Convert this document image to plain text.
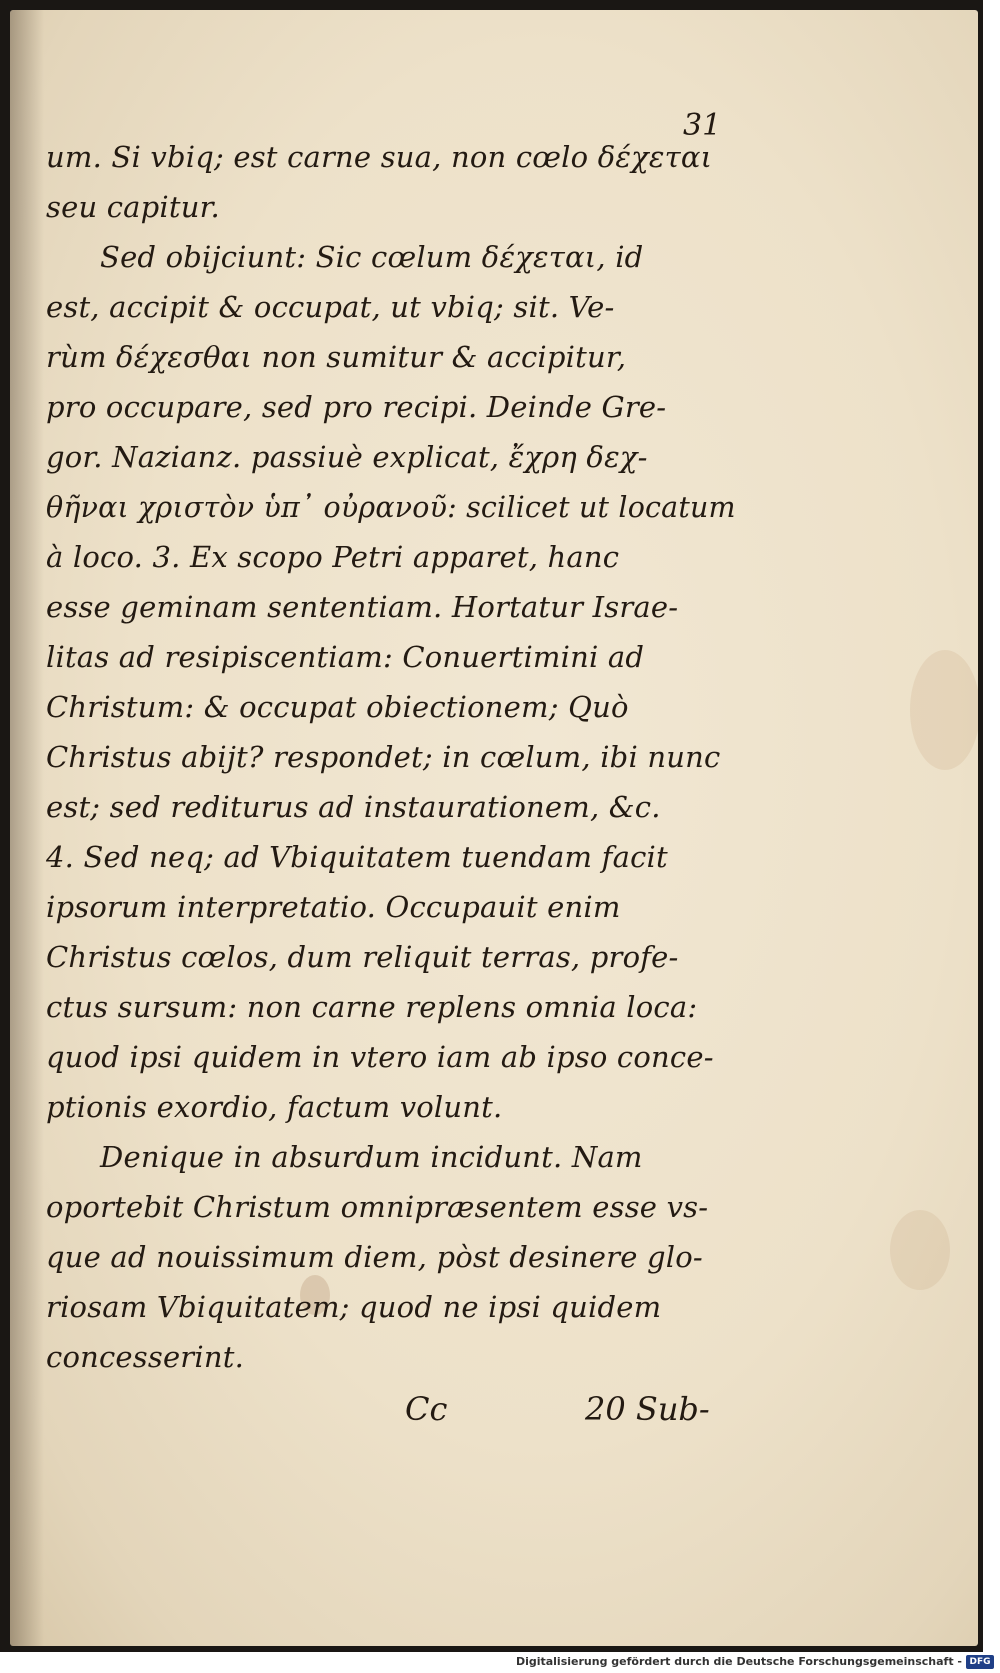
31
um. Si vbiq; est carne sua, non cœlo δέχεται
seu capitur.
Sed obijciunt: Sic cœlum δέχεται, id
est, accipit & occupat, ut vbiq; sit. Ve-
rùm δέχεσθαι non sumitur & accipitur,
pro occupare, sed pro recipi. Deinde Gre-
gor. Nazianz. passiuè explicat, ἔχρη δεχ-
θῆναι χριστὸν ὑπ᾽ οὐρανοῦ: scilicet ut locatum
à loco. 3. Ex scopo Petri apparet, hanc
esse geminam sententiam. Hortatur Israe-
litas ad resipiscentiam: Conuertimini ad
Christum: & occupat obiectionem; Quò
Christus abijt? respondet; in cœlum, ibi nunc
est; sed rediturus ad instaurationem, &c.
4. Sed neq; ad Vbiquitatem tuendam facit
ipsorum interpretatio. Occupauit enim
Christus cœlos, dum reliquit terras, profe-
ctus sursum: non carne replens omnia loca:
quod ipsi quidem in vtero iam ab ipso conce-
ptionis exordio, factum volunt.
Denique in absurdum incidunt. Nam
oportebit Christum omnipræsentem esse vs-
que ad nouissimum diem, pòst desinere glo-
riosam Vbiquitatem; quod ne ipsi quidem
concesserint.
Cc	20 Sub-
Digitalisierung gefördert durch die Deutsche Forschungsgemeinschaft - DFG
